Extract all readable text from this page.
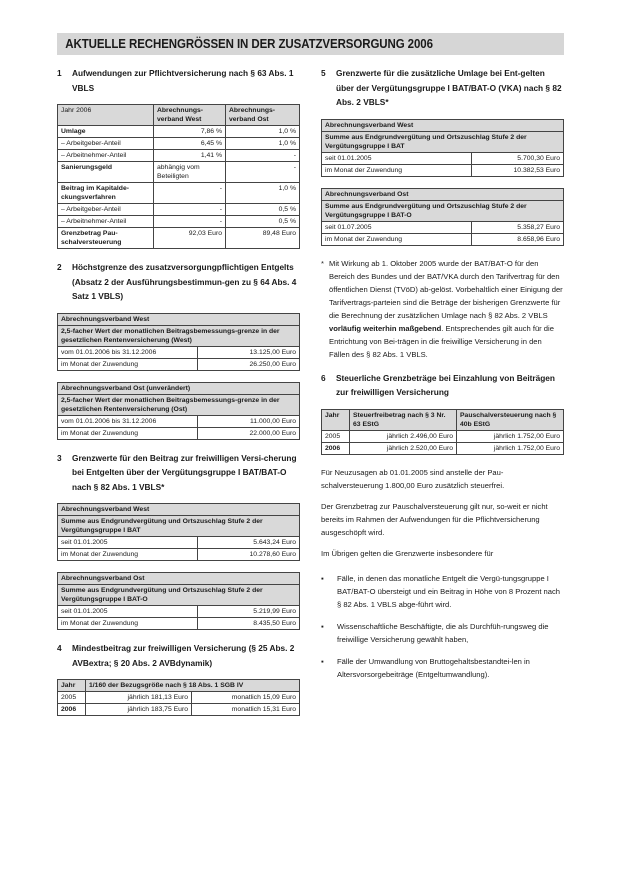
AKTUELLE RECHENGRÖSSEN IN DER ZUSATZVERSORGUNG 2006
1	Aufwendungen zur Pflichtversicherung nach § 63 Abs. 1 VBLS
Jahr 2006	Abrechnungs-verband West	Abrechnungs-verband Ost
Umlage	7,86 %	1,0 %
– Arbeitgeber-Anteil	6,45 %	1,0 %
– Arbeitnehmer-Anteil	1,41 %	-
Sanierungsgeld	abhängig vom Beteiligten	-
Beitrag im Kapitalde-ckungsverfahren	-	1,0 %
– Arbeitgeber-Anteil	-	0,5 %
– Arbeitnehmer-Anteil	-	0,5 %
Grenzbetrag Pau-schalversteuerung	92,03 Euro	89,48 Euro
2	Höchstgrenze des zusatzversorgungpflichtigen Entgelts (Absatz 2 der Ausführungsbestimmun-gen zu § 64 Abs. 4 Satz 1 VBLS)
Abrechnungsverband West	
2,5-facher Wert der monatlichen Beitragsbemessungs-grenze in der gesetzlichen Rentenversicherung (West)	
vom 01.01.2006 bis 31.12.2006	13.125,00 Euro
im Monat der Zuwendung	26.250,00 Euro
Abrechnungsverband Ost (unverändert)	
2,5-facher Wert der monatlichen Beitragsbemessungs-grenze in der gesetzlichen Rentenversicherung (Ost)	
vom 01.01.2006 bis 31.12.2006	11.000,00 Euro
im Monat der Zuwendung	22.000,00 Euro
3	Grenzwerte für den Beitrag zur freiwilligen Versi-cherung bei Entgelten über der Vergütungsgruppe I BAT/BAT-O nach § 82 Abs. 1 VBLS*
Abrechnungsverband West	
Summe aus Endgrundvergütung und Ortszuschlag Stufe 2 der Vergütungsgruppe I BAT	
seit 01.01.2005	5.643,24 Euro
im Monat der Zuwendung	10.278,60 Euro
Abrechnungsverband Ost	
Summe aus Endgrundvergütung und Ortszuschlag Stufe 2 der Vergütungsgruppe I BAT-O	
seit 01.01.2005	5.219,99 Euro
im Monat der Zuwendung	8.435,50 Euro
4	Mindestbeitrag zur freiwilligen Versicherung (§ 25 Abs. 2 AVBextra; § 20 Abs. 2 AVBdynamik)
Jahr	1/160 der Bezugsgröße nach § 18 Abs. 1 SGB IV	
2005	jährlich 181,13 Euro	monatlich 15,09 Euro
2006	jährlich 183,75 Euro	monatlich 15,31 Euro
5	Grenzwerte für die zusätzliche Umlage bei Ent-gelten über der Vergütungsgruppe I BAT/BAT-O (VKA) nach § 82 Abs. 2 VBLS*
Abrechnungsverband West	
Summe aus Endgrundvergütung und Ortszuschlag Stufe 2 der Vergütungsgruppe I BAT	
seit 01.01.2005	5.700,30 Euro
im Monat der Zuwendung	10.382,53 Euro
Abrechnungsverband Ost	
Summe aus Endgrundvergütung und Ortszuschlag Stufe 2 der Vergütungsgruppe I BAT-O	
seit 01.07.2005	5.358,27 Euro
im Monat der Zuwendung	8.658,96 Euro
* Mit Wirkung ab 1. Oktober 2005 wurde der BAT/BAT-O für den Bereich des Bundes und der BAT/VKA durch den Tarifvertrag für den öffentlichen Dienst (TVöD) ab-gelöst. Vorbehaltlich einer Einigung der Tarifvertrags-parteien sind die Beträge der bisherigen Grenzwerte für die Berechnung der zusätzlichen Umlage nach § 82 Abs. 2 VBLS vorläufig weiterhin maßgebend. Entsprechendes gilt auch für die Entrichtung von Bei-trägen in die freiwillige Versicherung in den Fällen des § 82 Abs. 1 VBLS.
6	Steuerliche Grenzbeträge bei Einzahlung von Beiträgen zur freiwilligen Versicherung
Jahr	Steuerfreibetrag nach § 3 Nr. 63 EStG	Pauschalversteuerung nach § 40b EStG
2005	jährlich 2.496,00 Euro	jährlich 1.752,00 Euro
2006	jährlich 2.520,00 Euro	jährlich 1.752,00 Euro

Für Neuzusagen ab 01.01.2005 sind anstelle der Pau-schalversteuerung 1.800,00 Euro zusätzlich steuerfrei.

Der Grenzbetrag zur Pauschalversteuerung gilt nur, so-weit er nicht bereits im Rahmen der Aufwendungen für die Pflichtversicherung ausgeschöpft wird.

Im Übrigen gelten die Grenzwerte insbesondere für

▪	Fälle, in denen das monatliche Entgelt die Vergü-tungsgruppe I BAT/BAT-O übersteigt und ein Beitrag in Höhe von 8 Prozent nach § 82 Abs. 1 VBLS abge-führt wird.
▪	Wissenschaftliche Beschäftigte, die als Durchfüh-rungsweg die freiwillige Versicherung gewählt haben,
▪	Fälle der Umwandlung von Bruttogehaltsbestandtei-len in Altersvorsorgebeiträge (Entgeltumwandlung).
